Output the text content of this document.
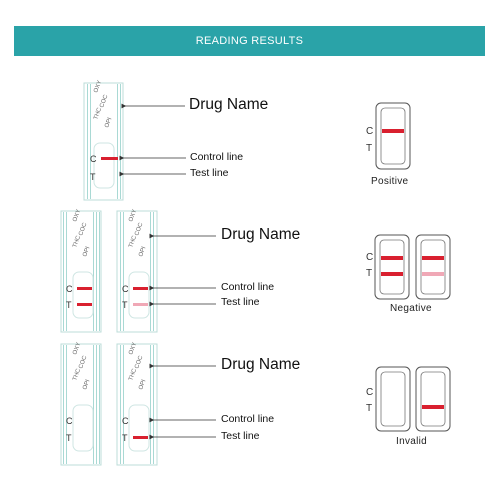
READING RESULTS
OXY
COC
THC
OPI
OXY
COC
THC
OPI
OXY
COC
THC
OPI
OXY
COC
THC
OPI
OXY
COC
THC
OPI
C
T
C
T
C
T
C
T
C
T
Drug Name
Control line
Test line
Drug Name
Control line
Test line
Drug Name
Control line
Test line
C
T
C
T
C
T
Positive
Negative
Invalid
